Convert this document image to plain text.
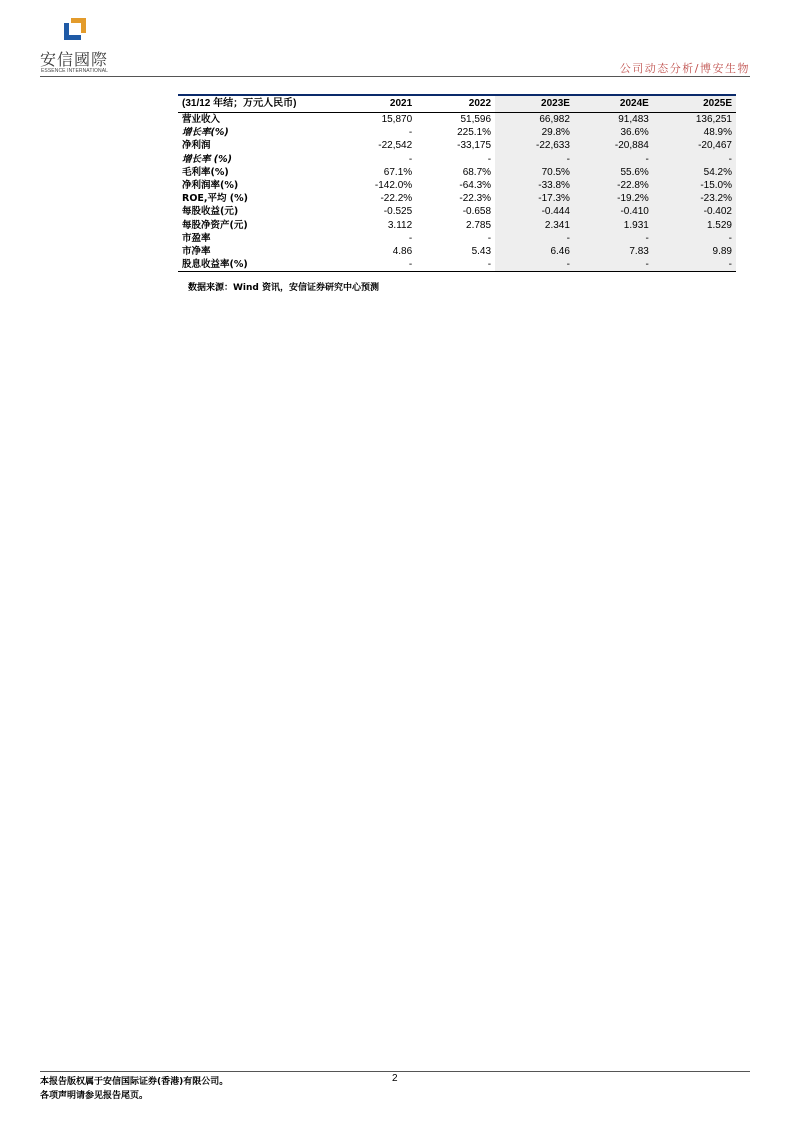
安信國際
ESSENCE INTERNATIONAL	公司动态分析/博安生物
(31/12 年结；万元人民币)	2021	2022	2023E	2024E	2025E
营业收入	15,870	51,596	66,982	91,483	136,251
增长率(%)	-	225.1%	29.8%	36.6%	48.9%
净利润	-22,542	-33,175	-22,633	-20,884	-20,467
增长率 (%)	-	-	-	-	-
毛利率(%)	67.1%	68.7%	70.5%	55.6%	54.2%
净利润率(%)	-142.0%	-64.3%	-33.8%	-22.8%	-15.0%
ROE,平均 (%)	-22.2%	-22.3%	-17.3%	-19.2%	-23.2%
每股收益(元)	-0.525	-0.658	-0.444	-0.410	-0.402
每股净资产(元)	3.112	2.785	2.341	1.931	1.529
市盈率	-	-	-	-	-
市净率	4.86	5.43	6.46	7.83	9.89
股息收益率(%)	-	-	-	-	-
数据来源：Wind 资讯，安信证券研究中心预测
本报告版权属于安信国际证券(香港)有限公司。
各项声明请参见报告尾页。
2
